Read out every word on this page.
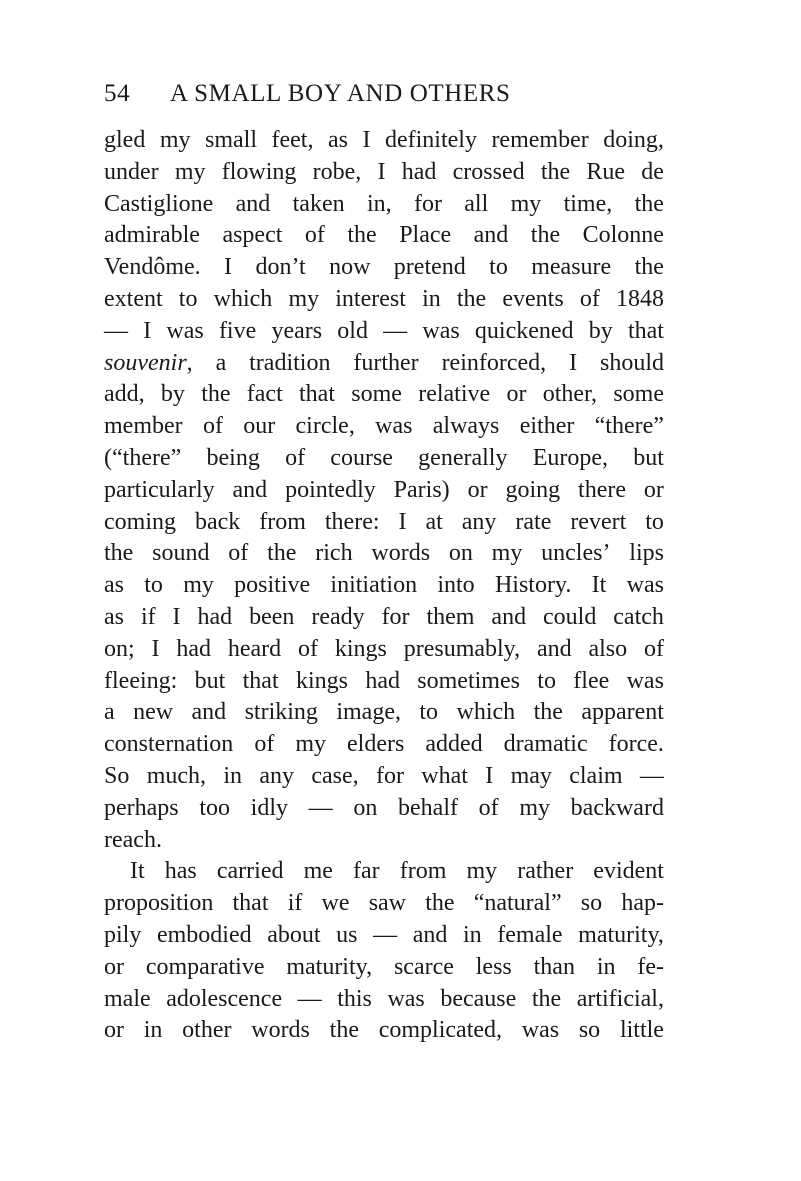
54 A SMALL BOY AND OTHERS
gled my small feet, as I definitely remember doing,
under my flowing robe, I had crossed the Rue de
Castiglione and taken in, for all my time, the
admirable aspect of the Place and the Colonne
Vendôme. I don’t now pretend to measure the
extent to which my interest in the events of 1848
— I was five years old — was quickened by that
souvenir, a tradition further reinforced, I should
add, by the fact that some relative or other, some
member of our circle, was always either “there”
(“there” being of course generally Europe, but
particularly and pointedly Paris) or going there or
coming back from there: I at any rate revert to
the sound of the rich words on my uncles’ lips
as to my positive initiation into History. It was
as if I had been ready for them and could catch
on; I had heard of kings presumably, and also of
fleeing: but that kings had sometimes to flee was
a new and striking image, to which the apparent
consternation of my elders added dramatic force.
So much, in any case, for what I may claim —
perhaps too idly — on behalf of my backward
reach.
It has carried me far from my rather evident
proposition that if we saw the “natural” so hap-
pily embodied about us — and in female maturity,
or comparative maturity, scarce less than in fe-
male adolescence — this was because the artificial,
or in other words the complicated, was so little
